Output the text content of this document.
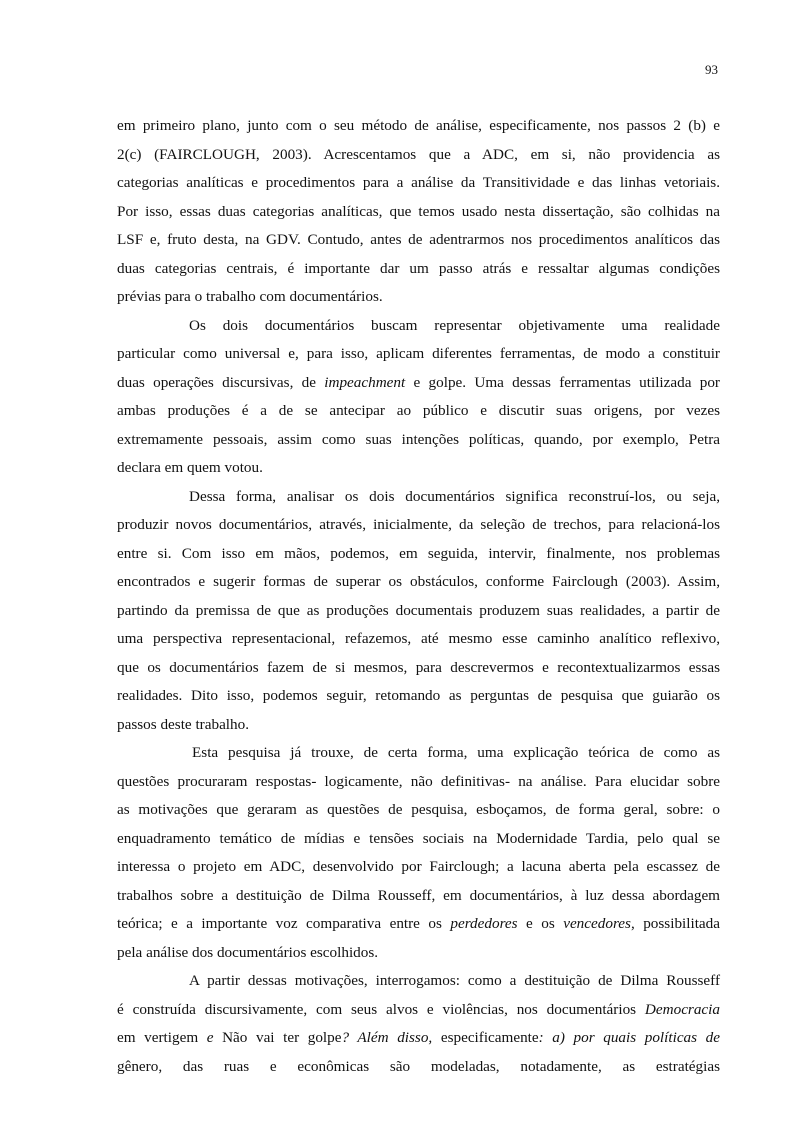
93
em primeiro plano, junto com o seu método de análise, especificamente, nos passos 2 (b) e
2(c) (FAIRCLOUGH, 2003). Acrescentamos que a ADC, em si, não providencia as
categorias analíticas e procedimentos para a análise da Transitividade e das linhas vetoriais.
Por isso, essas duas categorias analíticas, que temos usado nesta dissertação, são colhidas na
LSF e, fruto desta, na GDV. Contudo, antes de adentrarmos nos procedimentos analíticos das
duas categorias centrais, é importante dar um passo atrás e ressaltar algumas condições
prévias para o trabalho com documentários.
Os dois documentários buscam representar objetivamente uma realidade
particular como universal e, para isso, aplicam diferentes ferramentas, de modo a constituir
duas operações discursivas, de impeachment e golpe. Uma dessas ferramentas utilizada por
ambas produções é a de se antecipar ao público e discutir suas origens, por vezes
extremamente pessoais, assim como suas intenções políticas, quando, por exemplo, Petra
declara em quem votou.
Dessa forma, analisar os dois documentários significa reconstruí-los, ou seja,
produzir novos documentários, através, inicialmente, da seleção de trechos, para relacioná-los
entre si. Com isso em mãos, podemos, em seguida, intervir, finalmente, nos problemas
encontrados e sugerir formas de superar os obstáculos, conforme Fairclough (2003). Assim,
partindo da premissa de que as produções documentais produzem suas realidades, a partir de
uma perspectiva representacional, refazemos, até mesmo esse caminho analítico reflexivo,
que os documentários fazem de si mesmos, para descrevermos e recontextualizarmos essas
realidades. Dito isso, podemos seguir, retomando as perguntas de pesquisa que guiarão os
passos deste trabalho.
Esta pesquisa já trouxe, de certa forma, uma explicação teórica de como as
questões procuraram respostas- logicamente, não definitivas- na análise. Para elucidar sobre
as motivações que geraram as questões de pesquisa, esboçamos, de forma geral, sobre: o
enquadramento temático de mídias e tensões sociais na Modernidade Tardia, pelo qual se
interessa o projeto em ADC, desenvolvido por Fairclough; a lacuna aberta pela escassez de
trabalhos sobre a destituição de Dilma Rousseff, em documentários, à luz dessa abordagem
teórica; e a importante voz comparativa entre os perdedores e os vencedores, possibilitada
pela análise dos documentários escolhidos.
A partir dessas motivações, interrogamos: como a destituição de Dilma Rousseff
é construída discursivamente, com seus alvos e violências, nos documentários Democracia
em vertigem e Não vai ter golpe? Além disso, especificamente: a) por quais políticas de
gênero, das ruas e econômicas são modeladas, notadamente, as estratégias
